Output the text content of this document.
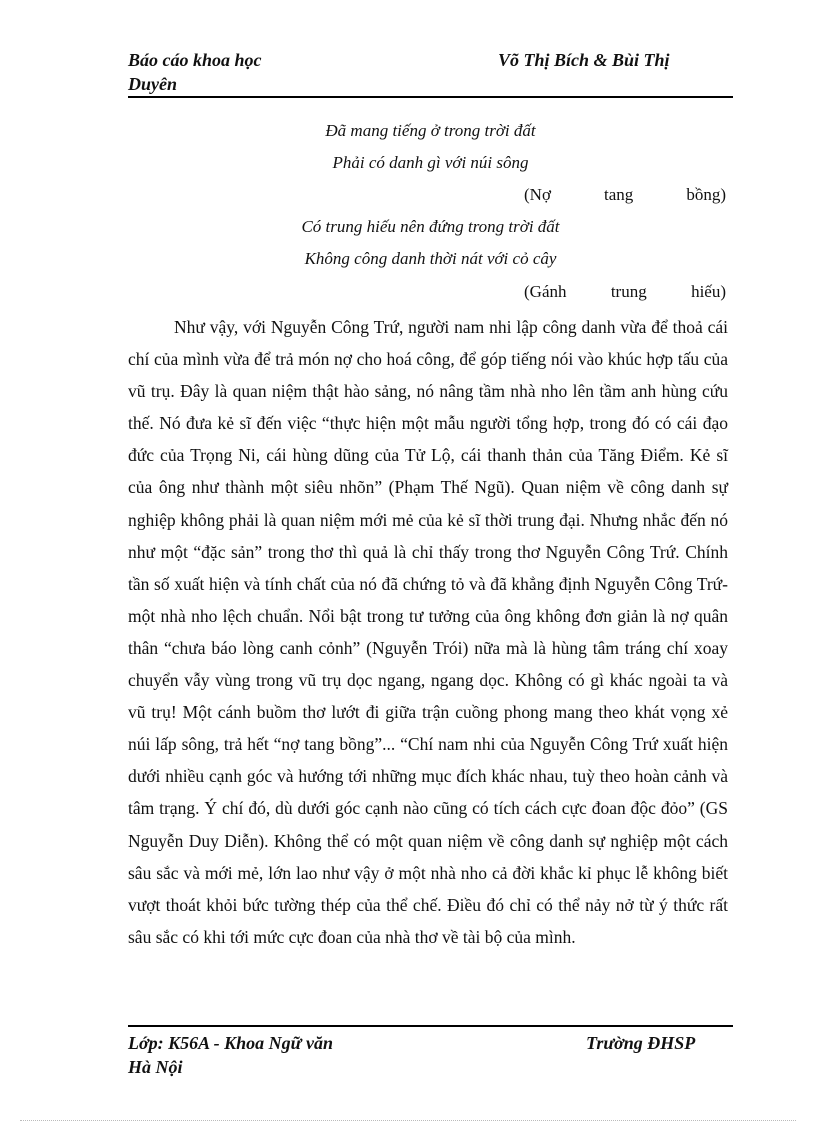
Báo cáo khoa học	Võ Thị Bích & Bùi Thị
Duyên
Đã mang tiếng ở trong trời đất
Phải có danh gì với núi sông
(Nợ	tang	bồng)
Có trung hiếu nên đứng trong trời đất
Không công danh thời nát với cỏ cây
(Gánh	trung	hiếu)

Như vậy, với Nguyễn Công Trứ, người nam nhi lập công danh vừa để thoả cái chí của mình vừa để trả món nợ cho hoá công, để góp tiếng nói vào khúc hợp tấu của vũ trụ. Đây là quan niệm thật hào sảng, nó nâng tầm nhà nho lên tầm anh hùng cứu thế. Nó đưa kẻ sĩ đến việc “thực hiện một mẫu người tổng hợp, trong đó có cái đạo đức của Trọng Ni, cái hùng dũng của Tử Lộ, cái thanh thản của Tăng Điểm. Kẻ sĩ của ông như thành một siêu nhõn” (Phạm Thế Ngũ). Quan niệm về công danh sự nghiệp không phải là quan niệm mới mẻ của kẻ sĩ thời trung đại. Nhưng nhắc đến nó như một “đặc sản” trong thơ thì quả là chỉ thấy trong thơ Nguyễn Công Trứ. Chính tần số xuất hiện và tính chất của nó đã chứng tỏ và đã khẳng định Nguyễn Công Trứ- một nhà nho lệch chuẩn. Nổi bật trong tư tưởng của ông không đơn giản là nợ quân thân “chưa báo lòng canh cỏnh” (Nguyễn Trói) nữa mà là hùng tâm tráng chí xoay chuyển vẫy vùng trong vũ trụ dọc ngang, ngang dọc. Không có gì khác ngoài ta và vũ trụ! Một cánh buồm thơ lướt đi giữa trận cuồng phong mang theo khát vọng xẻ núi lấp sông, trả hết “nợ tang bồng”... “Chí nam nhi của Nguyễn Công Trứ xuất hiện dưới nhiều cạnh góc và hướng tới những mục đích khác nhau, tuỳ theo hoàn cảnh và tâm trạng. Ý chí đó, dù dưới góc cạnh nào cũng có tích cách cực đoan độc đỏo” (GS Nguyễn Duy Diễn). Không thể có một quan niệm về công danh sự nghiệp một cách sâu sắc và mới mẻ, lớn lao như vậy ở một nhà nho cả đời khắc kỉ phục lễ không biết vượt thoát khỏi bức tường thép của thể chế. Điều đó chỉ có thể nảy nở từ ý thức rất sâu sắc có khi tới mức cực đoan của nhà thơ về tài bộ của mình.

Lớp: K56A - Khoa Ngữ văn	Trường ĐHSP
Hà Nội
